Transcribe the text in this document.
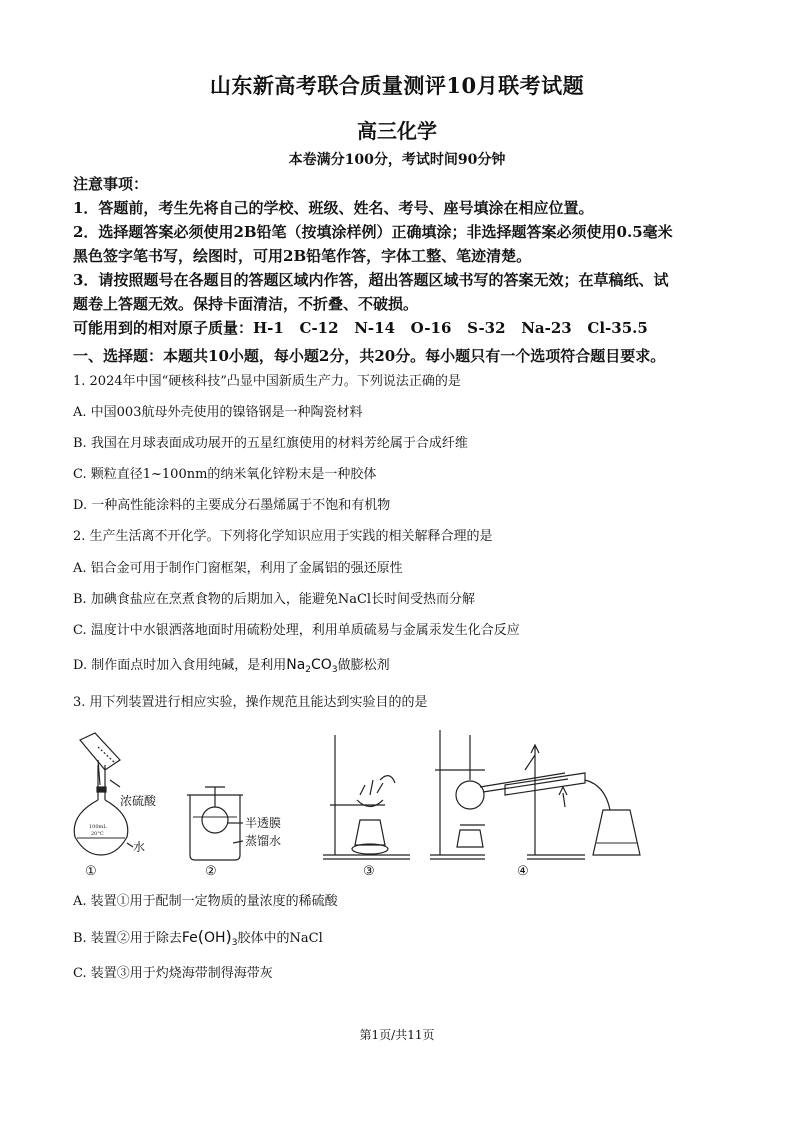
山东新高考联合质量测评10月联考试题
高三化学
本卷满分100分，考试时间90分钟
注意事项：
1．答题前，考生先将自己的学校、班级、姓名、考号、座号填涂在相应位置。
2．选择题答案必须使用2B铅笔（按填涂样例）正确填涂；非选择题答案必须使用0.5毫米
黑色签字笔书写，绘图时，可用2B铅笔作答，字体工整、笔迹清楚。
3．请按照题号在各题目的答题区域内作答，超出答题区域书写的答案无效；在草稿纸、试
题卷上答题无效。保持卡面清洁，不折叠、不破损。
可能用到的相对原子质量：H-1   C-12   N-14   O-16   S-32   Na-23   Cl-35.5
一、选择题：本题共10小题，每小题2分，共20分。每小题只有一个选项符合题目要求。
1. 2024年中国“硬核科技”凸显中国新质生产力。下列说法正确的是
A. 中国003航母外壳使用的镍铬钢是一种陶瓷材料
B. 我国在月球表面成功展开的五星红旗使用的材料芳纶属于合成纤维
C. 颗粒直径1~100nm的纳米氧化锌粉末是一种胶体
D. 一种高性能涂料的主要成分石墨烯属于不饱和有机物
2. 生产生活离不开化学。下列将化学知识应用于实践的相关解释合理的是
A. 铝合金可用于制作门窗框架，利用了金属铝的强还原性
B. 加碘食盐应在烹煮食物的后期加入，能避免NaCl长时间受热而分解
C. 温度计中水银洒落地面时用硫粉处理，利用单质硫易与金属汞发生化合反应
D. 制作面点时加入食用纯碱，是利用$Na_2CO_3$做膨松剂
3. 用下列装置进行相应实验，操作规范且能达到实验目的的是
100mL
20°C
浓硫酸
水
①
半透膜
蒸馏水
②	③	④
A. 装置①用于配制一定物质的量浓度的稀硫酸
B. 装置②用于除去$Fe(OH)_3$胶体中的NaCl
C. 装置③用于灼烧海带制得海带灰
第1页/共11页
